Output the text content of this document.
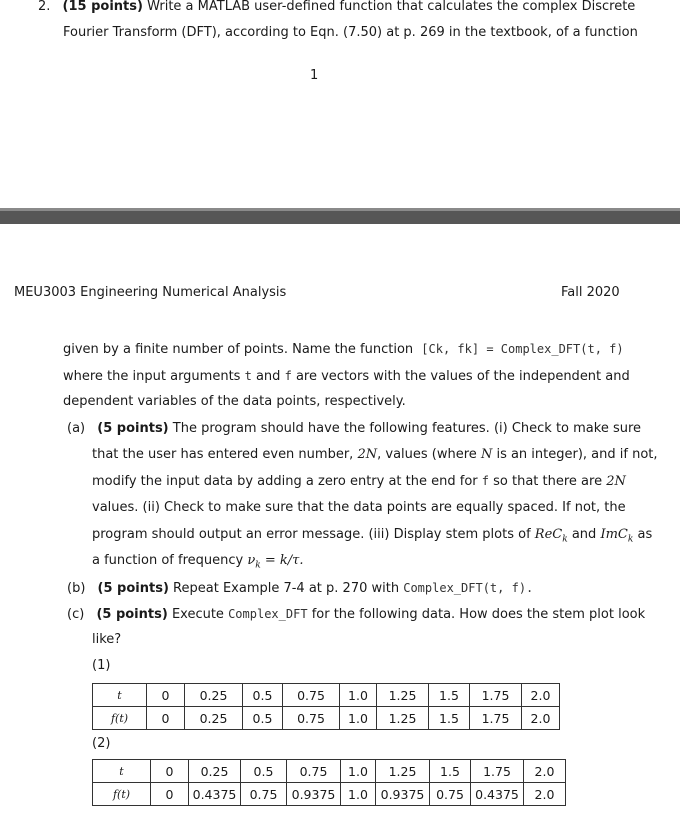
2. (15 points) Write a MATLAB user-defined function that calculates the complex Discrete
Fourier Transform (DFT), according to Eqn. (7.50) at p. 269 in the textbook, of a function
1
MEU3003 Engineering Numerical Analysis	Fall 2020
given by a finite number of points. Name the function [Ck, fk] = Complex_DFT(t, f)
where the input arguments t and f are vectors with the values of the independent and
dependent variables of the data points, respectively.
(a) (5 points) The program should have the following features. (i) Check to make sure
that the user has entered even number, 2N, values (where N is an integer), and if not,
modify the input data by adding a zero entry at the end for f so that there are 2N
values. (ii) Check to make sure that the data points are equally spaced. If not, the
program should output an error message. (iii) Display stem plots of ReC$_k$ and ImC$_k$ as
a function of frequency $\nu_k = k/\tau$.
(b) (5 points) Repeat Example 7-4 at p. 270 with Complex_DFT(t, f).
(c) (5 points) Execute Complex_DFT for the following data. How does the stem plot look
like?
(1)
t	0	0.25	0.5	0.75	1.0	1.25	1.5	1.75	2.0
f(t)	0	0.25	0.5	0.75	1.0	1.25	1.5	1.75	2.0
(2)
t	0	0.25	0.5	0.75	1.0	1.25	1.5	1.75	2.0
f(t)	0	0.4375	0.75	0.9375	1.0	0.9375	0.75	0.4375	2.0
